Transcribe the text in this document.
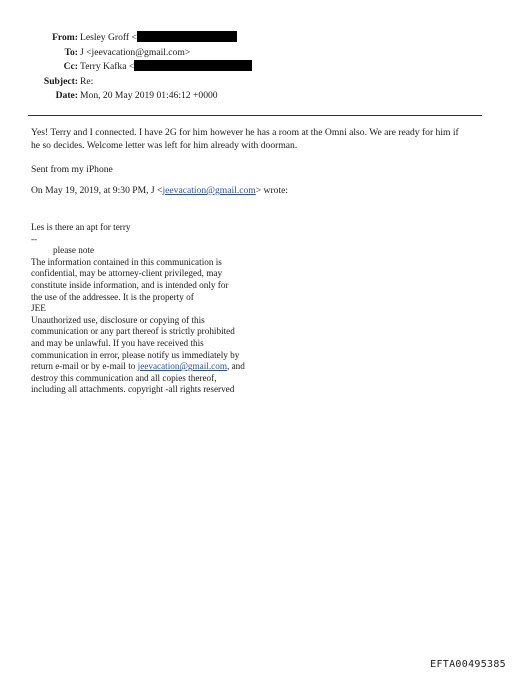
From: Lesley Groff <
To: J <jeevacation@gmail.com>
Cc: Terry Kafka <
Subject: Re:
Date: Mon, 20 May 2019 01:46:12 +0000
Yes! Terry and I connected. I have 2G for him however he has a room at the Omni also. We are ready for him if
he so decides. Welcome letter was left for him already with doorman.
Sent from my iPhone
On May 19, 2019, at 9:30 PM, J <jeevacation@gmail.com> wrote:
Les is there an apt for terry
--
please note
The information contained in this communication is
confidential, may be attorney-client privileged, may
constitute inside information, and is intended only for
the use of the addressee. It is the property of
JEE
Unauthorized use, disclosure or copying of this
communication or any part thereof is strictly prohibited
and may be unlawful. If you have received this
communication in error, please notify us immediately by
return e-mail or by e-mail to jeevacation@gmail.com, and
destroy this communication and all copies thereof,
including all attachments. copyright -all rights reserved
EFTA00495385
